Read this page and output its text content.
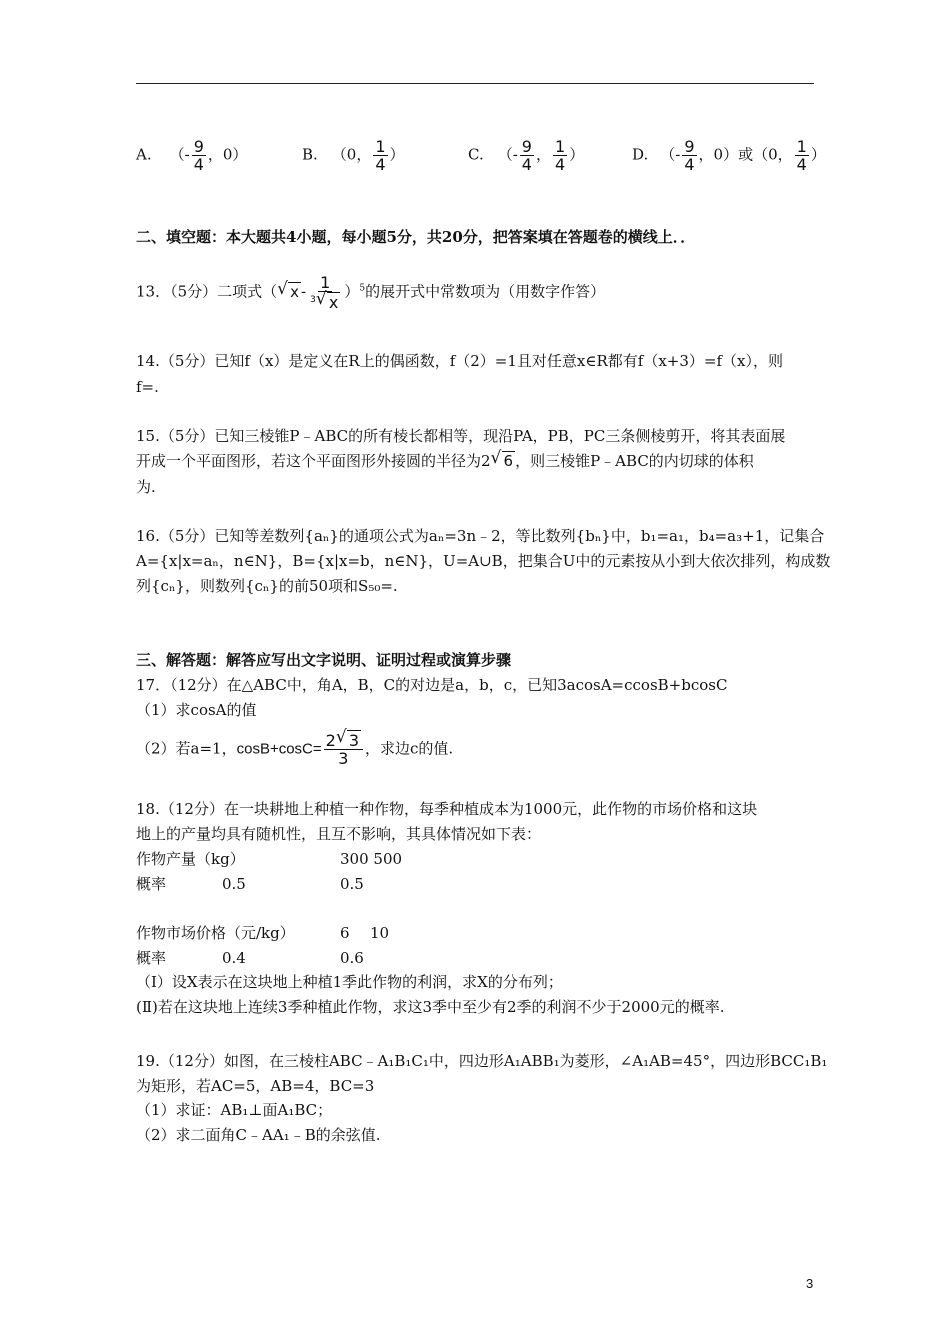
A. （- $\frac{9}{4}$ ，0）	B. （0， $\frac{1}{4}$ ）	C. （- $\frac{9}{4}$ ， $\frac{1}{4}$ ）	D. （- $\frac{9}{4}$ ，0）或（0， $\frac{1}{4}$ ）
二、填空题：本大题共4小题，每小题5分，共20分，把答案填在答题卷的横线上．．
13．（5分）二项式（ √ x - $\frac{1}{^3 √ x} )^5$的展开式中常数项为（用数字作答）
14.（5分）已知f（x）是定义在R上的偶函数，f（2）=1且对任意x∈R都有f（x+3）=f（x），则
f=.
15.（5分）已知三棱锥P﹣ABC的所有棱长都相等，现沿PA，PB，PC三条侧棱剪开，将其表面展
开成一个平面图形，若这个平面图形外接圆的半径为2 √ 6 ，则三棱锥P﹣ABC的内切球的体积
为.
16.（5分）已知等差数列{aₙ}的通项公式为aₙ=3n﹣2，等比数列{bₙ}中，b₁=a₁，b₄=a₃+1，记集合
A={x|x=aₙ，n∈N}，B={x|x=b，n∈N}，U=A∪B，把集合U中的元素按从小到大依次排列，构成数
列{cₙ}，则数列{cₙ}的前50项和S₅₀=.
三、解答题：解答应写出文字说明、证明过程或演算步骤
17．（12分）在△ABC中，角A，B，C的对边是a，b，c，已知3acosA=ccosB+bcosC
（1）求cosA的值
（2）若a=1，$\cos B+\cos C= \frac{2 √ 3}{3}$ ，求边c的值.
18.（12分）在一块耕地上种植一种作物，每季种植成本为1000元，此作物的市场价格和这块
地上的产量均具有随机性，且互不影响，其具体情况如下表：
作物产量（kg）	300 500
概率	0.5	0.5
作物市场价格（元/kg）	6 10
概率	0.4	0.6
（Ⅰ）设X表示在这块地上种植1季此作物的利润，求X的分布列；
(Ⅱ)若在这块地上连续3季种植此作物，求这3季中至少有2季的利润不少于2000元的概率.
19.（12分）如图，在三棱柱ABC﹣A₁B₁C₁中，四边形A₁ABB₁为菱形，∠A₁AB=45°，四边形BCC₁B₁
为矩形，若AC=5，AB=4，BC=3
（1）求证：AB₁⊥面A₁BC；
（2）求二面角C﹣AA₁﹣B的余弦值.
3
